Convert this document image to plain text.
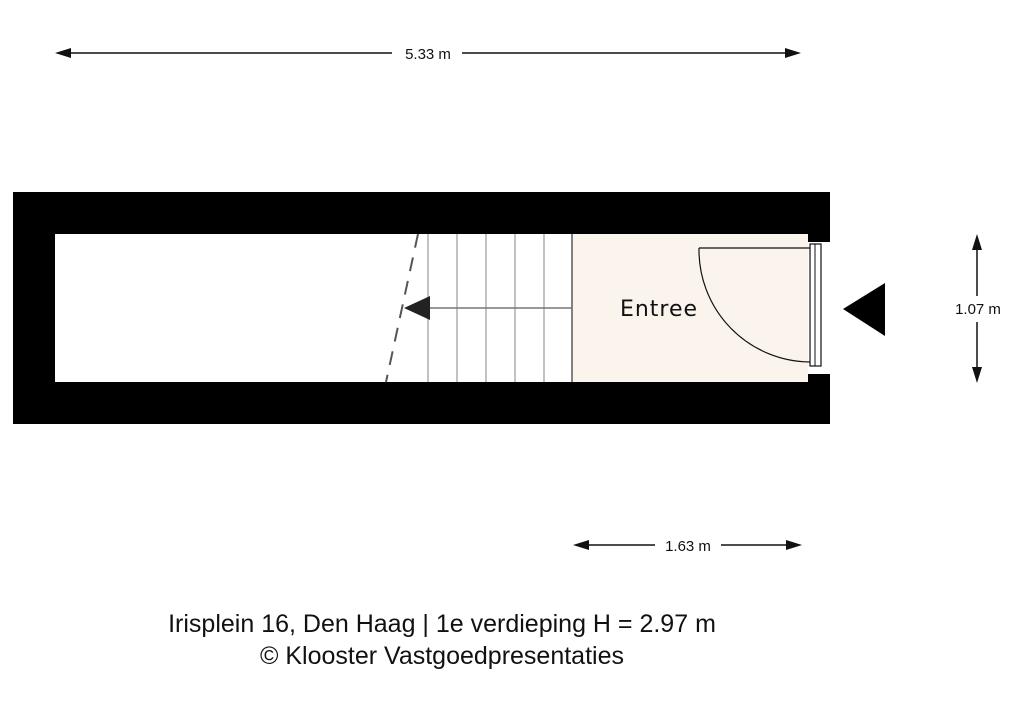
5.33 m
Entree	1.07 m
1.63 m
Irisplein 16, Den Haag | 1e verdieping H = 2.97 m
© Klooster Vastgoedpresentaties
